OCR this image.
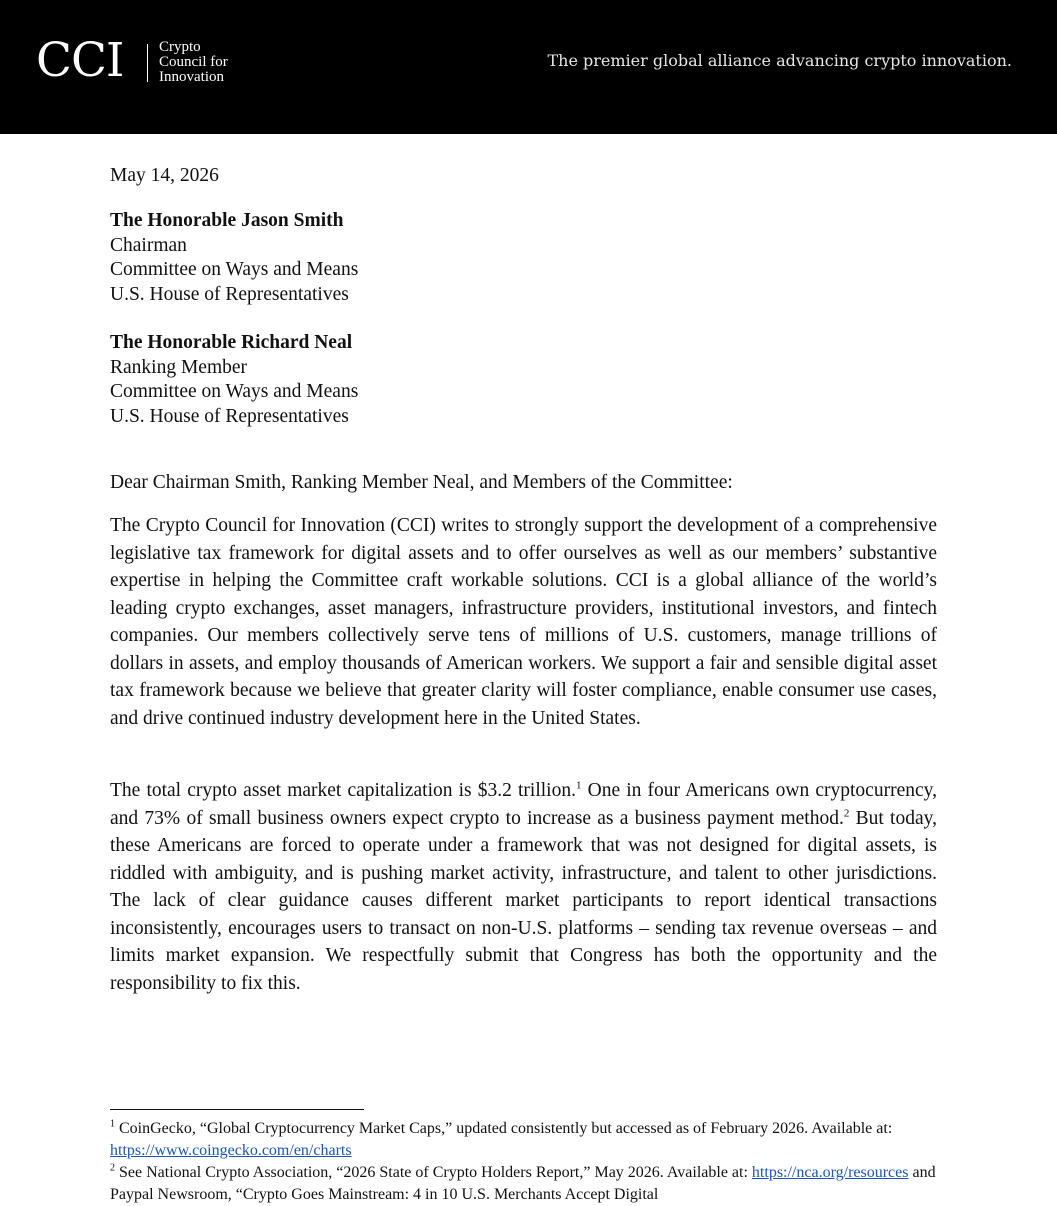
CCI Crypto
Council for
Innovation
The premier global alliance advancing crypto innovation.
May 14, 2026
The Honorable Jason Smith
Chairman
Committee on Ways and Means
U.S. House of Representatives
The Honorable Richard Neal
Ranking Member
Committee on Ways and Means
U.S. House of Representatives
Dear Chairman Smith, Ranking Member Neal, and Members of the Committee:
The Crypto Council for Innovation (CCI) writes to strongly support the development of a comprehensive legislative tax framework for digital assets and to offer ourselves as well as our members’ substantive expertise in helping the Committee craft workable solutions. CCI is a global alliance of the world’s leading crypto exchanges, asset managers, infrastructure providers, institutional investors, and fintech companies. Our members collectively serve tens of millions of U.S. customers, manage trillions of dollars in assets, and employ thousands of American workers. We support a fair and sensible digital asset tax framework because we believe that greater clarity will foster compliance, enable consumer use cases, and drive continued industry development here in the United States.
The total crypto asset market capitalization is $3.2 trillion.$^1$ One in four Americans own cryptocurrency, and 73% of small business owners expect crypto to increase as a business payment method.$^2$ But today, these Americans are forced to operate under a framework that was not designed for digital assets, is riddled with ambiguity, and is pushing market activity, infrastructure, and talent to other jurisdictions. The lack of clear guidance causes different market participants to report identical transactions inconsistently, encourages users to transact on non-U.S. platforms – sending tax revenue overseas – and limits market expansion. We respectfully submit that Congress has both the opportunity and the responsibility to fix this.

$^1$ CoinGecko, “Global Cryptocurrency Market Caps,” updated consistently but accessed as of February 2026. Available at: https://www.coingecko.com/en/charts

$^2$ See National Crypto Association, “2026 State of Crypto Holders Report,” May 2026. Available at: https://nca.org/resources and Paypal Newsroom, “Crypto Goes Mainstream: 4 in 10 U.S. Merchants Accept Digital
